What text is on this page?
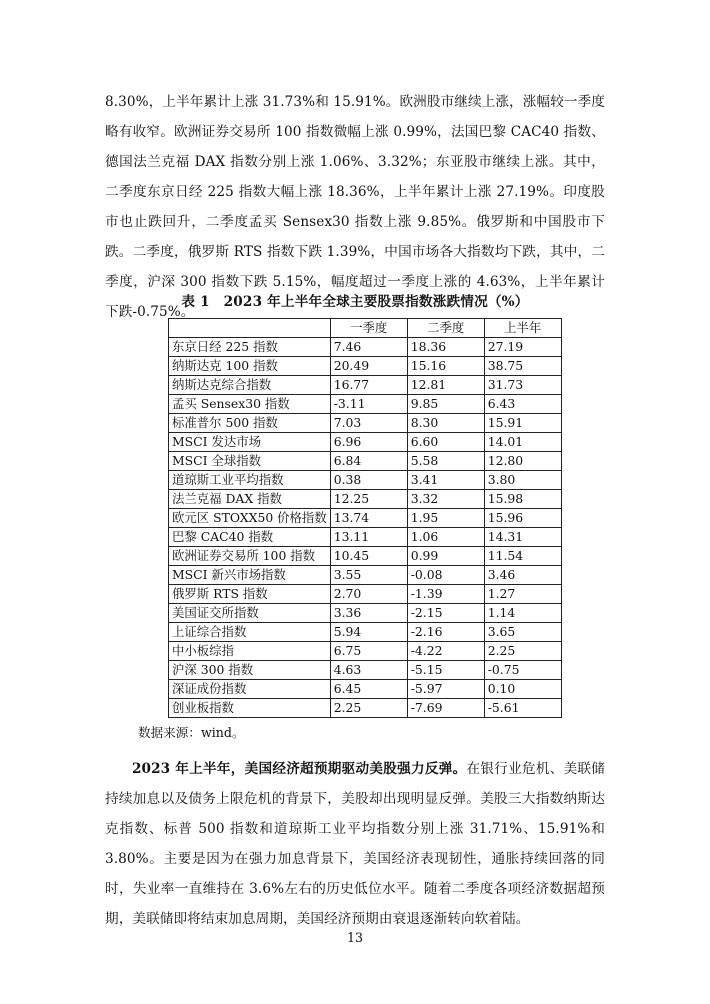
8.30%，上半年累计上涨 31.73%和 15.91%。欧洲股市继续上涨，涨幅较一季度略有收窄。欧洲证券交易所 100 指数微幅上涨 0.99%，法国巴黎 CAC40 指数、德国法兰克福 DAX 指数分别上涨 1.06%、3.32%；东亚股市继续上涨。其中，二季度东京日经 225 指数大幅上涨 18.36%，上半年累计上涨 27.19%。印度股市也止跌回升，二季度孟买 Sensex30 指数上涨 9.85%。俄罗斯和中国股市下跌。二季度，俄罗斯 RTS 指数下跌 1.39%，中国市场各大指数均下跌，其中，二季度，沪深 300 指数下跌 5.15%，幅度超过一季度上涨的 4.63%，上半年累计下跌-0.75%。
表 1　2023 年上半年全球主要股票指数涨跌情况（%）
	一季度	二季度	上半年
东京日经 225 指数	7.46	18.36	27.19
纳斯达克 100 指数	20.49	15.16	38.75
纳斯达克综合指数	16.77	12.81	31.73
孟买 Sensex30 指数	-3.11	9.85	6.43
标准普尔 500 指数	7.03	8.30	15.91
MSCI 发达市场	6.96	6.60	14.01
MSCI 全球指数	6.84	5.58	12.80
道琼斯工业平均指数	0.38	3.41	3.80
法兰克福 DAX 指数	12.25	3.32	15.98
欧元区 STOXX50 价格指数	13.74	1.95	15.96
巴黎 CAC40 指数	13.11	1.06	14.31
欧洲证券交易所 100 指数	10.45	0.99	11.54
MSCI 新兴市场指数	3.55	-0.08	3.46
俄罗斯 RTS 指数	2.70	-1.39	1.27
美国证交所指数	3.36	-2.15	1.14
上证综合指数	5.94	-2.16	3.65
中小板综指	6.75	-4.22	2.25
沪深 300 指数	4.63	-5.15	-0.75
深证成份指数	6.45	-5.97	0.10
创业板指数	2.25	-7.69	-5.61
数据来源：wind。
2023 年上半年，美国经济超预期驱动美股强力反弹。在银行业危机、美联储持续加息以及债务上限危机的背景下，美股却出现明显反弹。美股三大指数纳斯达克指数、标普 500 指数和道琼斯工业平均指数分别上涨 31.71%、15.91%和 3.80%。主要是因为在强力加息背景下，美国经济表现韧性，通胀持续回落的同时，失业率一直维持在 3.6%左右的历史低位水平。随着二季度各项经济数据超预期，美联储即将结束加息周期，美国经济预期由衰退逐渐转向软着陆。
13
